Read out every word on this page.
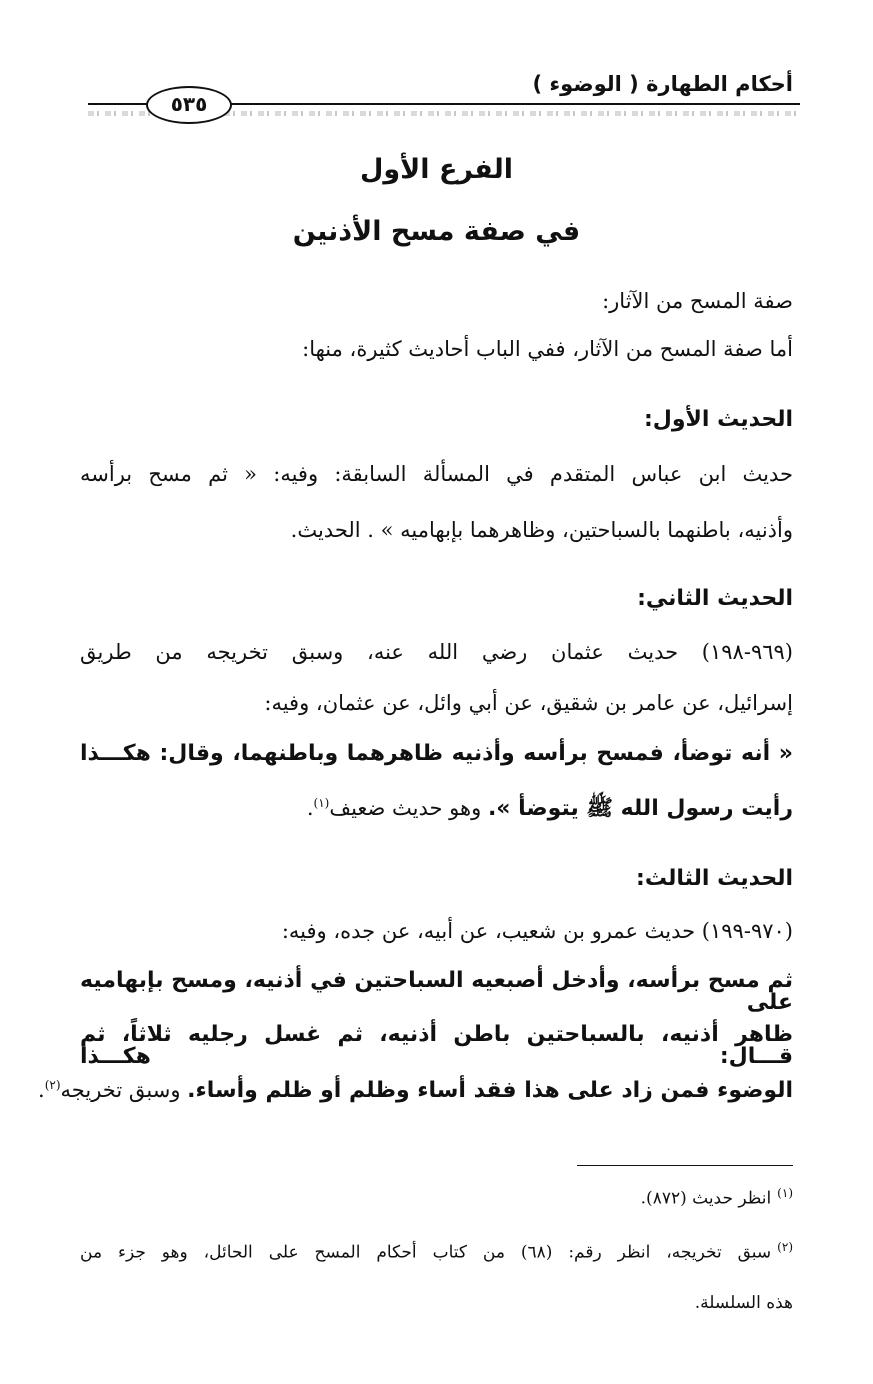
أحكام الطهارة ( الوضوء )
٥٣٥
الفرع الأول
في صفة مسح الأذنين
صفة المسح من الآثار:
أما صفة المسح من الآثار، ففي الباب أحاديث كثيرة، منها:
الحديث الأول:
حديث ابن عباس المتقدم في المسألة السابقة: وفيه: « ثم مسح برأسه
وأذنيه، باطنهما بالسباحتين، وظاهرهما بإبهاميه » . الحديث.
الحديث الثاني:
(٩٦٩-١٩٨) حديث عثمان رضي الله عنه، وسبق تخريجه من طريق
إسرائيل، عن عامر بن شقيق، عن أبي وائل، عن عثمان، وفيه:
« أنه توضأ، فمسح برأسه وأذنيه ظاهرهما وباطنهما، وقال: هكـــذا
رأيت رسول الله ﷺ يتوضأ ». وهو حديث ضعيف$^{(١)}$.
الحديث الثالث:
(٩٧٠-١٩٩) حديث عمرو بن شعيب، عن أبيه، عن جده، وفيه:
ثم مسح برأسه، وأدخل أصبعيه السباحتين في أذنيه، ومسح بإبهاميه على
ظاهر أذنيه، بالسباحتين باطن أذنيه، ثم غسل رجليه ثلاثاً، ثم قـــال: هكـــذا
الوضوء فمن زاد على هذا فقد أساء وظلم أو ظلم وأساء. وسبق تخريجه$^{(٢)}$.
$^{(١)}$انظر حديث (٨٧٢).
$^{(٢)}$سبق تخريجه، انظر رقم: (٦٨) من كتاب أحكام المسح على الحائل، وهو جزء من
هذه السلسلة.
